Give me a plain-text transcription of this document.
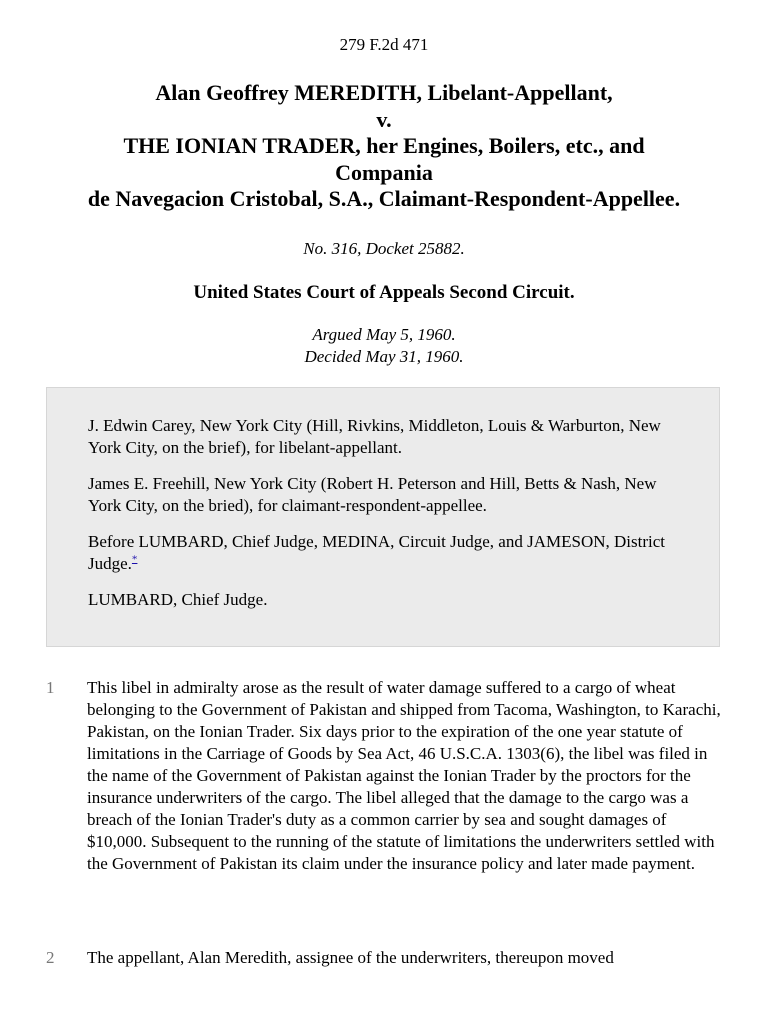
279 F.2d 471
Alan Geoffrey MEREDITH, Libelant-Appellant,
v.
THE IONIAN TRADER, her Engines, Boilers, etc., and
Compania
de Navegacion Cristobal, S.A., Claimant-Respondent-Appellee.
No. 316, Docket 25882.
United States Court of Appeals Second Circuit.
Argued May 5, 1960.
Decided May 31, 1960.

J. Edwin Carey, New York City (Hill, Rivkins, Middleton, Louis & Warburton, New York City, on the brief), for libelant-appellant.

James E. Freehill, New York City (Robert H. Peterson and Hill, Betts & Nash, New York City, on the bried), for claimant-respondent-appellee.

Before LUMBARD, Chief Judge, MEDINA, Circuit Judge, and JAMESON, District Judge.*

LUMBARD, Chief Judge.

1 This libel in admiralty arose as the result of water damage suffered to a cargo of wheat belonging to the Government of Pakistan and shipped from Tacoma, Washington, to Karachi, Pakistan, on the Ionian Trader. Six days prior to the expiration of the one year statute of limitations in the Carriage of Goods by Sea Act, 46 U.S.C.A. 1303(6), the libel was filed in the name of the Government of Pakistan against the Ionian Trader by the proctors for the insurance underwriters of the cargo. The libel alleged that the damage to the cargo was a breach of the Ionian Trader's duty as a common carrier by sea and sought damages of $10,000. Subsequent to the running of the statute of limitations the underwriters settled with the Government of Pakistan its claim under the insurance policy and later made payment.
2 The appellant, Alan Meredith, assignee of the underwriters, thereupon moved
